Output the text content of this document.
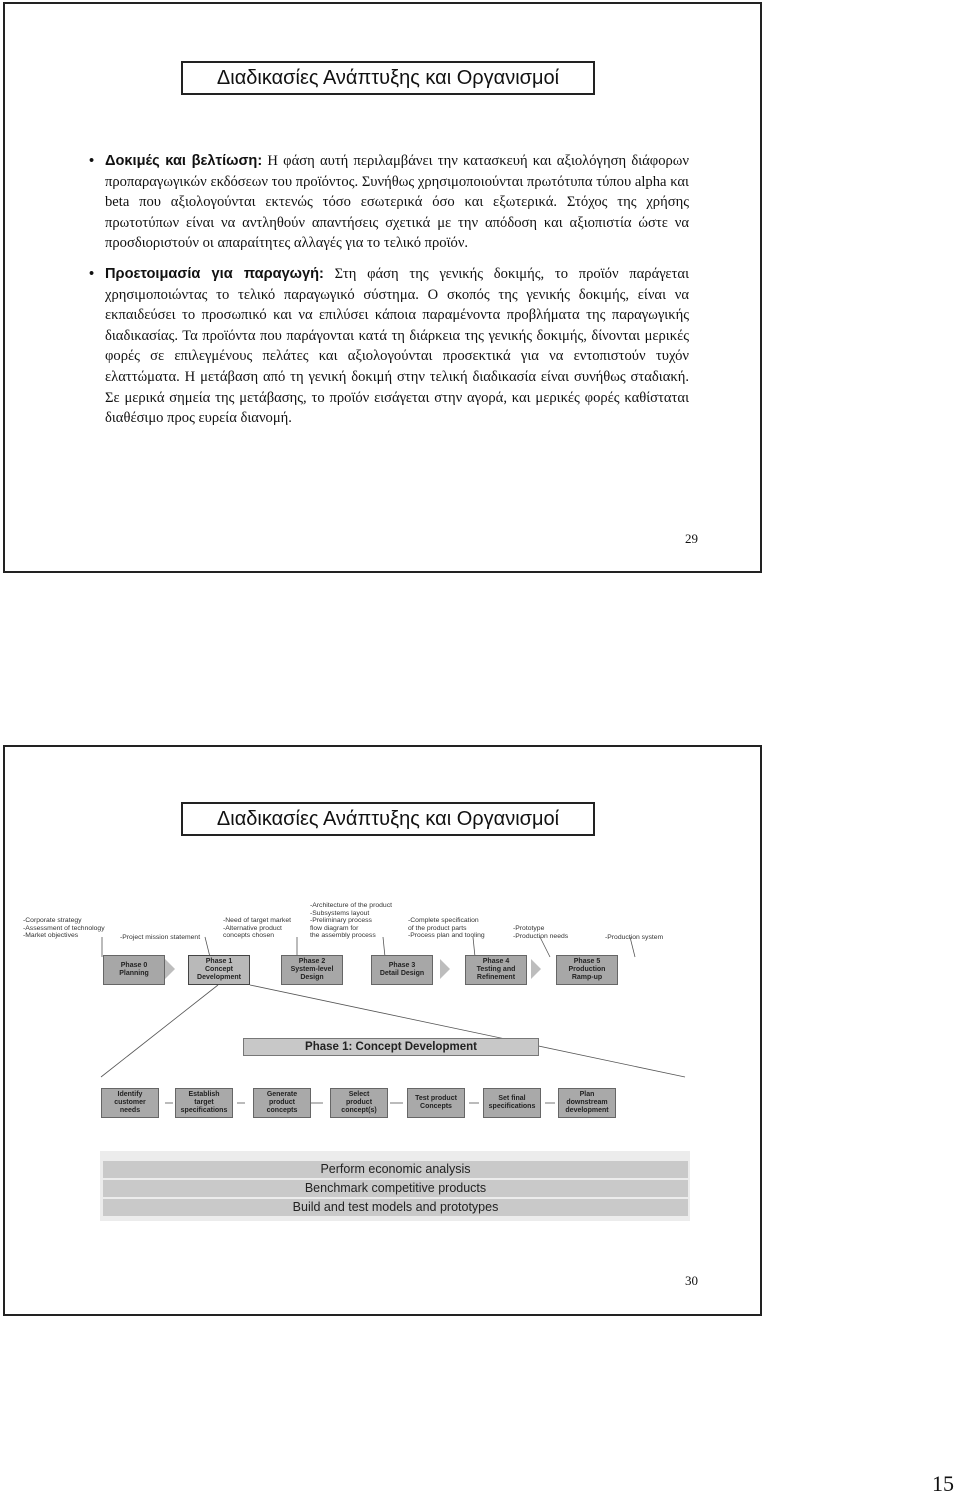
Διαδικασίες Ανάπτυξης και Οργανισμοί
• Δοκιμές και βελτίωση: Η φάση αυτή περιλαμβάνει την κατασκευή και αξιολόγηση διάφορων προπαραγωγικών εκδόσεων του προϊόντος. Συνήθως χρησιμοποιούνται πρωτότυπα τύπου alpha και beta που αξιολογούνται εκτενώς τόσο εσωτερικά όσο και εξωτερικά. Στόχος της χρήσης πρωτοτύπων είναι να αντληθούν απαντήσεις σχετικά με την απόδοση και αξιοπιστία ώστε να προσδιοριστούν οι απαραίτητες αλλαγές για το τελικό προϊόν.
• Προετοιμασία για παραγωγή: Στη φάση της γενικής δοκιμής, το προϊόν παράγεται χρησιμοποιώντας το τελικό παραγωγικό σύστημα. Ο σκοπός της γενικής δοκιμής, είναι να εκπαιδεύσει το προσωπικό και να επιλύσει κάποια παραμένοντα προβλήματα της παραγωγικής διαδικασίας. Τα προϊόντα που παράγονται κατά τη διάρκεια της γενικής δοκιμής, δίνονται μερικές φορές σε επιλεγμένους πελάτες και αξιολογούνται προσεκτικά για να εντοπιστούν τυχόν ελαττώματα. Η μετάβαση από τη γενική δοκιμή στην τελική διαδικασία είναι συνήθως σταδιακή. Σε μερικά σημεία της μετάβασης, το προϊόν εισάγεται στην αγορά, και μερικές φορές καθίσταται διαθέσιμο προς ευρεία διανομή.
29
Διαδικασίες Ανάπτυξης και Οργανισμοί
-Corporate strategy
-Assessment of technology
-Market objectives	-Project mission statement
-Need of target market
-Alternative product
concepts chosen
-Architecture of the product
-Subsystems layout
-Preliminary process
flow diagram for
the assembly process
-Complete specification
of the product parts
-Process plan and tooling
-Prototype
-Production needs	-Production system
Phase 0
Planning
Phase 1
Concept
Development
Phase 2
System-level
Design
Phase 3
Detail Design
Phase 4
Testing and
Refinement
Phase 5
Production
Ramp-up
Phase 1: Concept Development
Identify
customer
needs
Establish
target
specifications
Generate
product
concepts
Select
product
concept(s)
Test product
Concepts
Set final
specifications
Plan
downstream
development
Perform economic analysis
Benchmark competitive products
Build and test models and prototypes
30
15
